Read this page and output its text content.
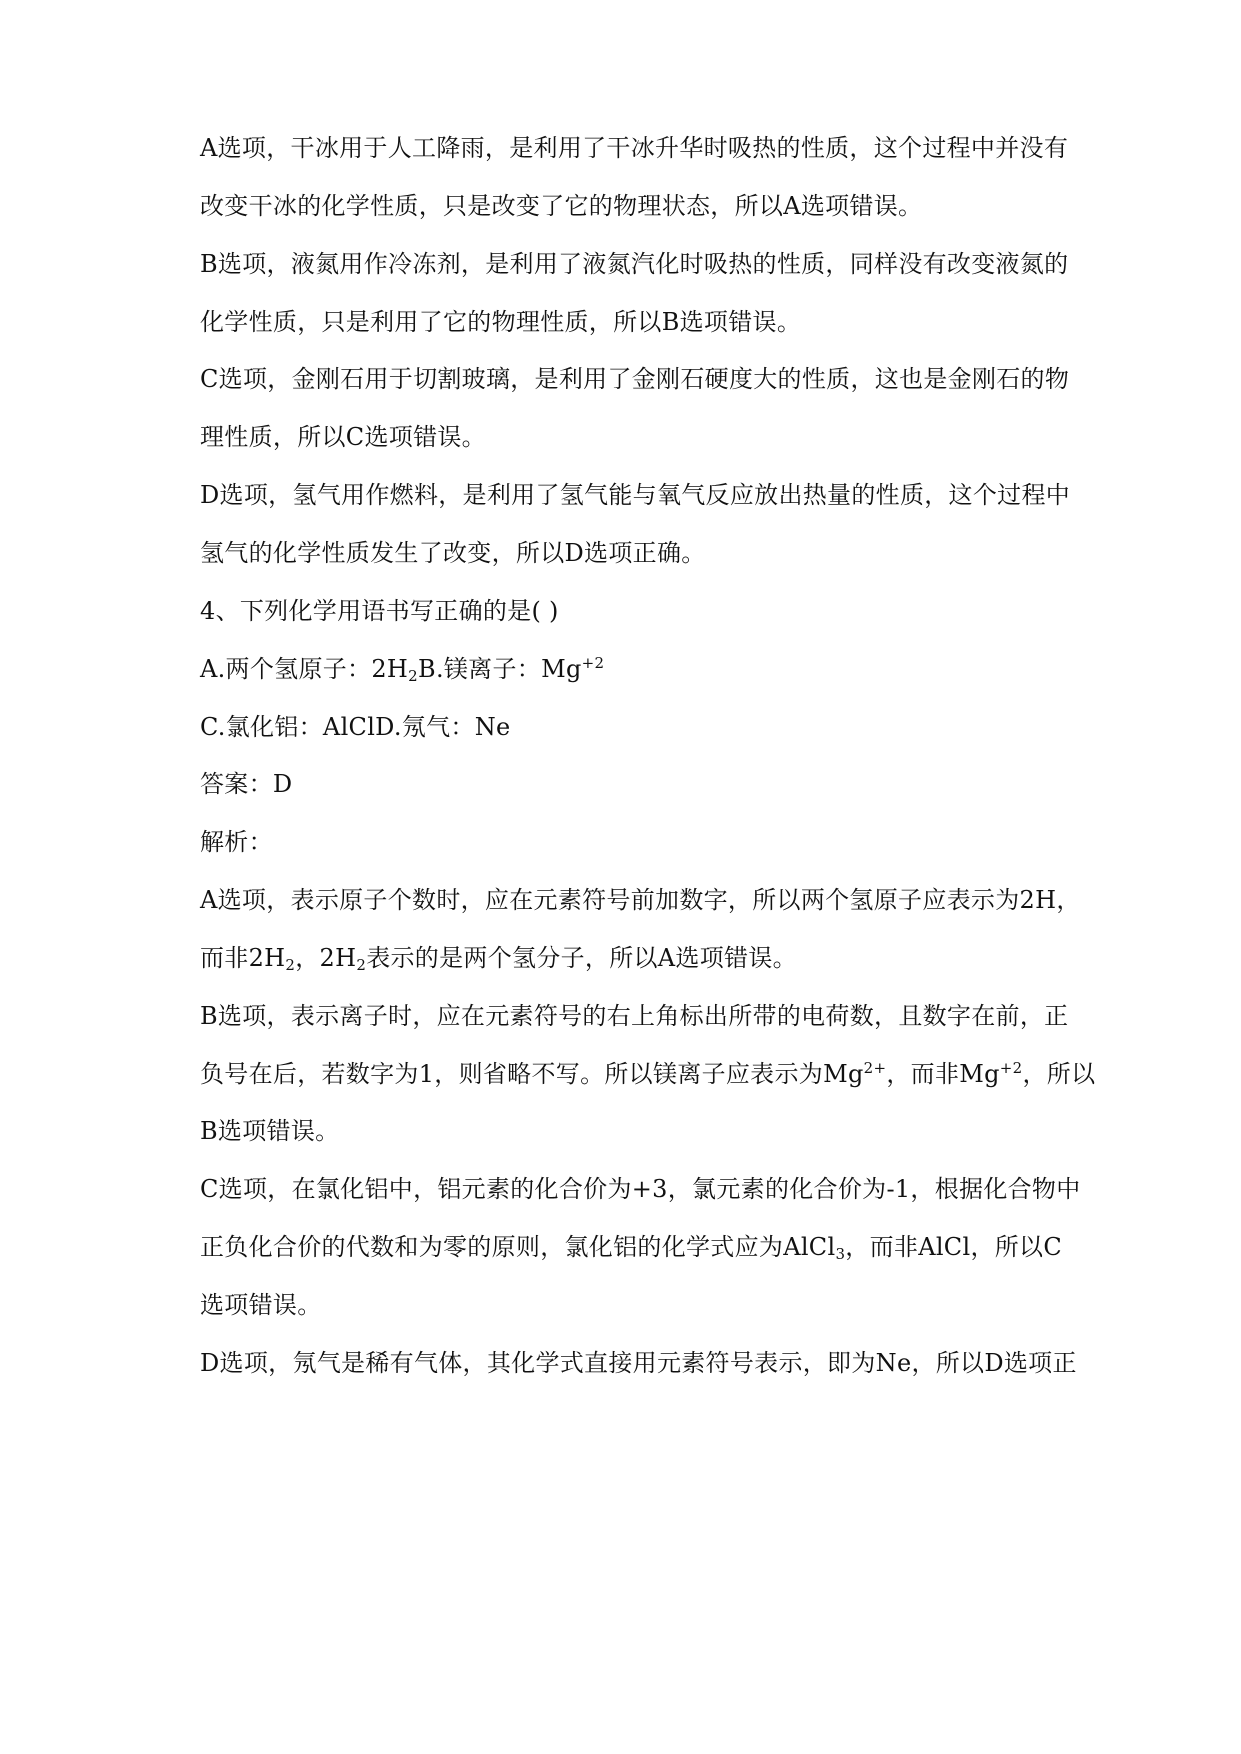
A选项，干冰用于人工降雨，是利用了干冰升华时吸热的性质，这个过程中并没有
改变干冰的化学性质，只是改变了它的物理状态，所以A选项错误。
B选项，液氮用作冷冻剂，是利用了液氮汽化时吸热的性质，同样没有改变液氮的
化学性质，只是利用了它的物理性质，所以B选项错误。
C选项，金刚石用于切割玻璃，是利用了金刚石硬度大的性质，这也是金刚石的物
理性质，所以C选项错误。
D选项，氢气用作燃料，是利用了氢气能与氧气反应放出热量的性质，这个过程中
氢气的化学性质发生了改变，所以D选项正确。
4、下列化学用语书写正确的是( )
A.两个氢原子：$2H_2B$.镁离子：$Mg^{+2}$
C.氯化铝：AlClD.氖气：Ne
答案：D
解析：
A选项，表示原子个数时，应在元素符号前加数字，所以两个氢原子应表示为2H，
而非$2H_2$，$2H_2$表示的是两个氢分子，所以A选项错误。
B选项，表示离子时，应在元素符号的右上角标出所带的电荷数，且数字在前，正
负号在后，若数字为1，则省略不写。所以镁离子应表示为$Mg^{2+}$，而非$Mg^{+2}$，所以
B选项错误。
C选项，在氯化铝中，铝元素的化合价为+3，氯元素的化合价为-1，根据化合物中
正负化合价的代数和为零的原则，氯化铝的化学式应为AlCl$_3$，而非AlCl，所以C
选项错误。
D选项，氖气是稀有气体，其化学式直接用元素符号表示，即为Ne，所以D选项正
